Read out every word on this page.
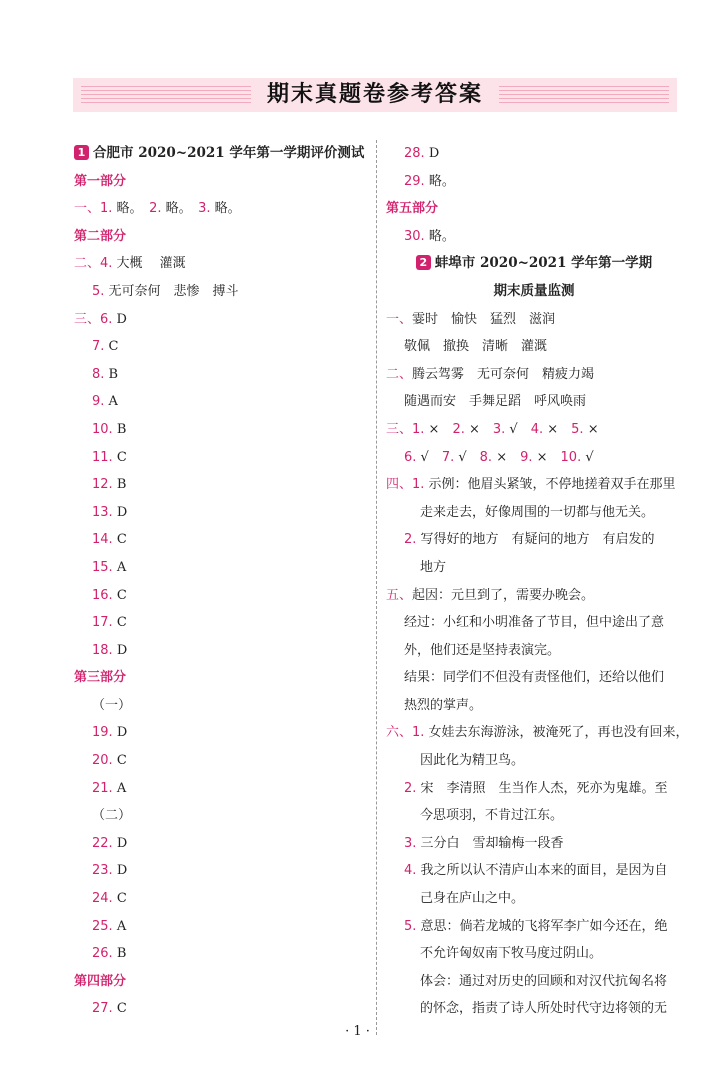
期末真题卷参考答案
1 合肥市 2020~2021 学年第一学期评价测试
第一部分
一、1. 略。　2. 略。　3. 略。
第二部分
二、4. 大概　 灌溉
5. 无可奈何　悲惨　搏斗
三、6. D
7. C
8. B
9. A
10. B
11. C
12. B
13. D
14. C
15. A
16. C
17. C
18. D
第三部分
（一）
19. D
20. C
21. A
（二）
22. D
23. D
24. C
25. A
26. B
第四部分
27. C
28. D
29. 略。
第五部分
30. 略。
2 蚌埠市 2020~2021 学年第一学期
期末质量监测
一、霎时　愉快　猛烈　滋润
敬佩　撤换　清晰　灌溉
二、腾云驾雾　无可奈何　精疲力竭
随遇而安　手舞足蹈　呼风唤雨
三、1. ×　2. ×　3. √　4. ×　5. ×
6. √　7. √　8. ×　9. ×　10. √
四、1. 示例：他眉头紧皱，不停地搓着双手在那里
走来走去，好像周围的一切都与他无关。
2. 写得好的地方　有疑问的地方　有启发的
地方
五、起因：元旦到了，需要办晚会。
经过：小红和小明准备了节目，但中途出了意
外，他们还是坚持表演完。
结果：同学们不但没有责怪他们，还给以他们
热烈的掌声。
六、1. 女娃去东海游泳，被淹死了，再也没有回来，
因此化为精卫鸟。
2. 宋　李清照　生当作人杰，死亦为鬼雄。至
今思项羽，不肯过江东。
3. 三分白　雪却输梅一段香
4. 我之所以认不清庐山本来的面目，是因为自
己身在庐山之中。
5. 意思：倘若龙城的飞将军李广如今还在，绝
不允许匈奴南下牧马度过阴山。
体会：通过对历史的回顾和对汉代抗匈名将
的怀念，指责了诗人所处时代守边将领的无
· 1 ·
